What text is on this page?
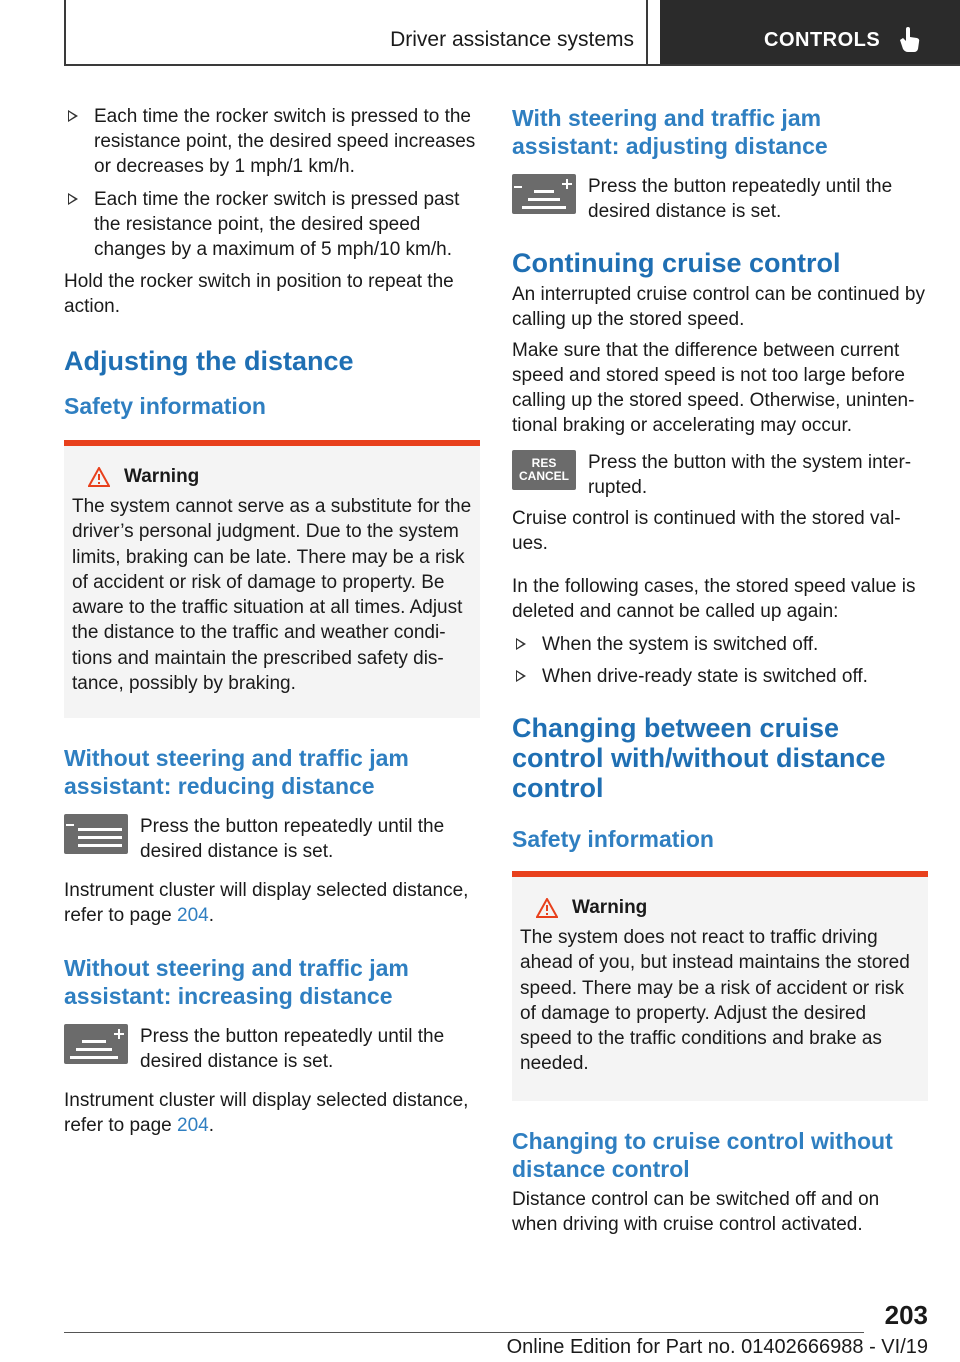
Driver assistance systems	CONTROLS
Each time the rocker switch is pressed to the resistance point, the desired speed increases or decreases by 1 mph/1 km/h.
Each time the rocker switch is pressed past the resistance point, the desired speed changes by a maximum of 5 mph/10 km/h.

Hold the rocker switch in position to repeat the action.

Adjusting the distance
Safety information
Warning

The system cannot serve as a substitute for the driver’s personal judgment. Due to the system limits, braking can be late. There may be a risk of accident or risk of damage to property. Be aware to the traffic situation at all times. Adjust the distance to the traffic and weather condi‐tions and maintain the prescribed safety dis‐tance, possibly by braking.

Without steering and traffic jam assistant: reducing distance
Press the button repeatedly until the desired distance is set.

Instrument cluster will display selected distance, refer to page 204.

Without steering and traffic jam assistant: increasing distance
Press the button repeatedly until the desired distance is set.

Instrument cluster will display selected distance, refer to page 204.

With steering and traffic jam assistant: adjusting distance
Press the button repeatedly until the desired distance is set.
Continuing cruise control

An interrupted cruise control can be continued by calling up the stored speed.

Make sure that the difference between current speed and stored speed is not too large before calling up the stored speed. Otherwise, uninten‐tional braking or accelerating may occur.

RES
CANCEL
Press the button with the system inter‐rupted.

Cruise control is continued with the stored val‐ues.

In the following cases, the stored speed value is deleted and cannot be called up again:

When the system is switched off.
When drive-ready state is switched off.
Changing between cruise control with/without distance control
Safety information
Warning

The system does not react to traffic driving ahead of you, but instead maintains the stored speed. There may be a risk of accident or risk of damage to property. Adjust the desired speed to the traffic conditions and brake as needed.

Changing to cruise control without distance control

Distance control can be switched off and on when driving with cruise control activated.

203
Online Edition for Part no. 01402666988 - VI/19
